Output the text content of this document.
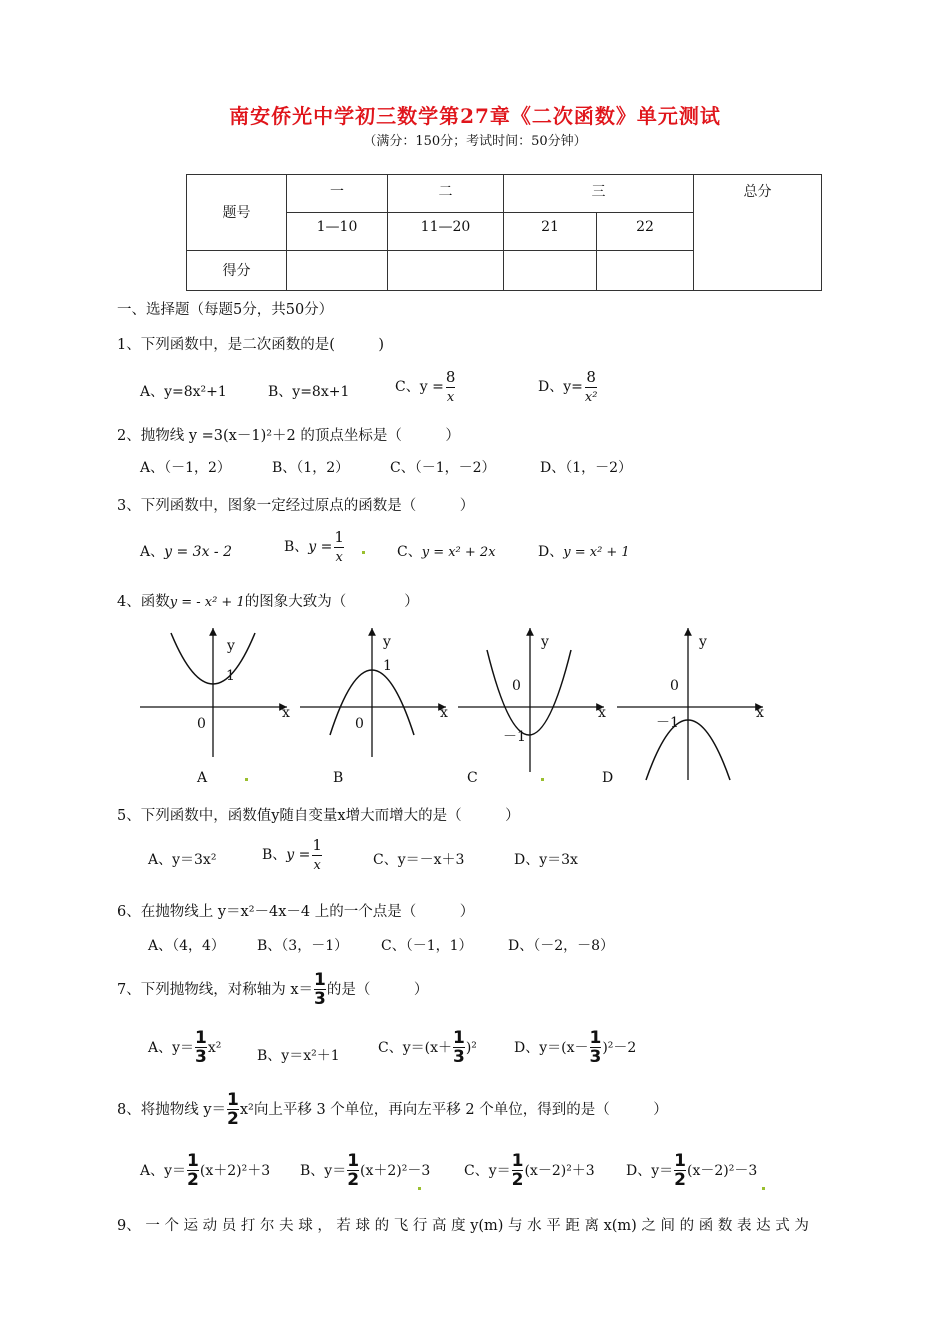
南安侨光中学初三数学第27章《二次函数》单元测试
（满分：150分；考试时间：50分钟）
题号	一	二	三		总分
	1—10	11—20	21	22	
得分					
一、选择题（每题5分，共50分）
1、下列函数中，是二次函数的是(　　　)
A、y=8x²+1	B、y=8x+1	C、$y = \frac{8}{x}$	D、$y= \frac{8}{\text{x²}}$
2、抛物线 y =3(x－1)²＋2 的顶点坐标是（　　　）
A、（－1，2）	B、（1，2）	C、（－1，－2）	D、（1，－2）
3、下列函数中，图象一定经过原点的函数是（　　　）
A、y = 3x - 2	B、$y = \frac{1}{x}$	C、y = x² + 2x	D、y = x² + 1
4、函数y = - x² + 1的图象大致为（　　　　）
y
1
0
x
A
y
1
0
x
B
y
0
－1
x
C
y
0
－1
x
D
5、下列函数中，函数值y随自变量x增大而增大的是（　　　）
A、y＝3x²	B、$y = \frac{1}{x}$	C、y＝－x＋3	D、y＝3x
6、在抛物线上 y＝x²－4x－4 上的一个点是（　　　）
A、（4，4） B、（3，－1） C、（－1，1）	D、（－2，－8）
7、下列抛物线，对称轴为 $x= \frac{1}{3}$ 的是（　　　）
A、$y= \frac{1}{3} x^2$	B、y＝x²＋1	C、$y=(x+ \frac{1}{3} )^2$	D、$y=(x- \frac{1}{3} )^2-2$
8、将抛物线 $y= \frac{1}{2} x^2$向上平移 3 个单位，再向左平移 2 个单位，得到的是（　　　）
A、$y= \frac{1}{2} (x+2)^2+3$ B、$y= \frac{1}{2} (x+2)^2-3$ C、$y= \frac{1}{2} (x-2)^2+3$ D、$y= \frac{1}{2} (x-2)^2-3$
9、 一 个 运 动 员 打 尔 夫 球 ， 若 球 的 飞 行 高 度 y(m) 与 水 平 距 离 x(m) 之 间 的 函 数 表 达 式 为
